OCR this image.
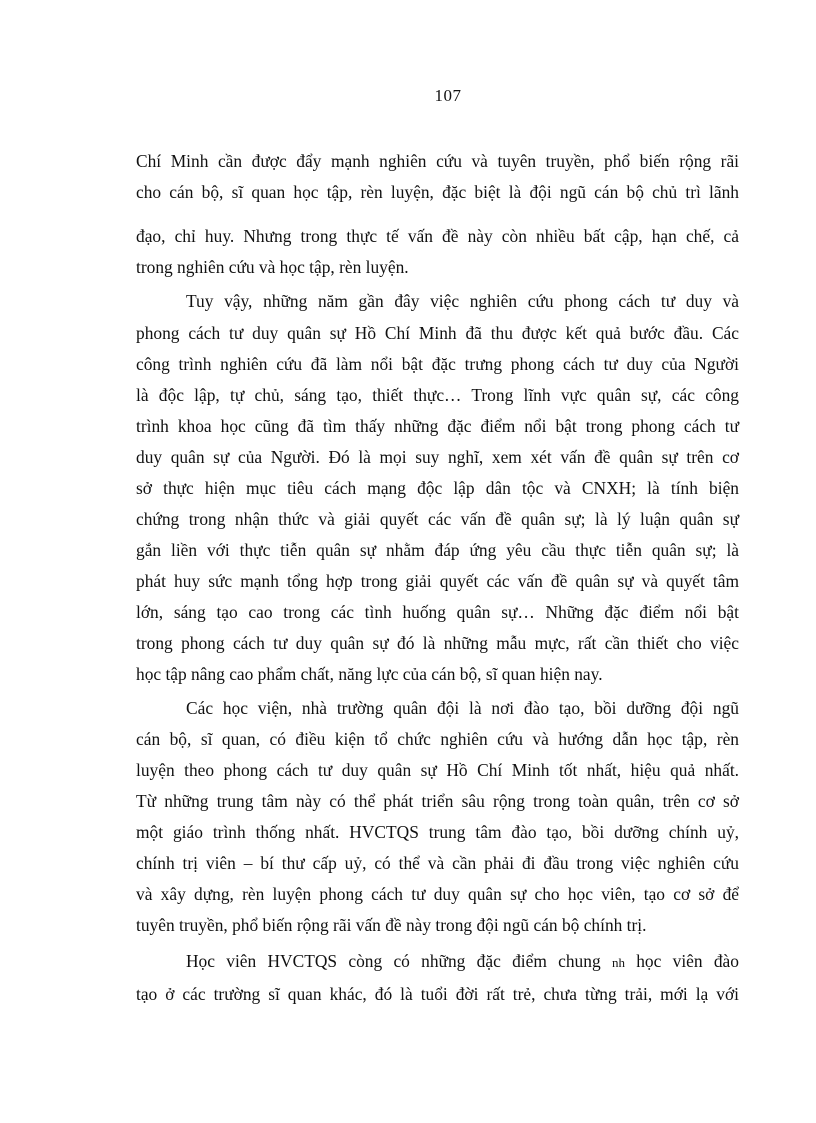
107
Chí Minh cần được đẩy mạnh nghiên cứu và tuyên truyền, phổ biến rộng rãi
cho cán bộ, sĩ quan học tập, rèn luyện, đặc biệt là đội ngũ cán bộ chủ trì lãnh
đạo, chỉ huy. Nhưng trong thực tế vấn đề này còn nhiều bất cập, hạn chế, cả
trong nghiên cứu và học tập, rèn luyện.
Tuy vậy, những năm gần đây việc nghiên cứu phong cách tư duy và
phong cách tư duy quân sự Hồ Chí Minh đã thu được kết quả bước đầu. Các
công trình nghiên cứu đã làm nổi bật đặc trưng phong cách tư duy của Người
là độc lập, tự chủ, sáng tạo, thiết thực… Trong lĩnh vực quân sự, các công
trình khoa học cũng đã tìm thấy những đặc điểm nổi bật trong phong cách tư
duy quân sự của Người. Đó là mọi suy nghĩ, xem xét vấn đề quân sự trên cơ
sở thực hiện mục tiêu cách mạng độc lập dân tộc và CNXH; là tính biện
chứng trong nhận thức và giải quyết các vấn đề quân sự; là lý luận quân sự
gắn liền với thực tiễn quân sự nhằm đáp ứng yêu cầu thực tiễn quân sự; là
phát huy sức mạnh tổng hợp trong giải quyết các vấn đề quân sự và quyết tâm
lớn, sáng tạo cao trong các tình huống quân sự… Những đặc điểm nổi bật
trong phong cách tư duy quân sự đó là những mẫu mực, rất cần thiết cho việc
học tập nâng cao phẩm chất, năng lực của cán bộ, sĩ quan hiện nay.
Các học viện, nhà trường quân đội là nơi đào tạo, bồi dưỡng đội ngũ
cán bộ, sĩ quan, có điều kiện tổ chức nghiên cứu và hướng dẫn học tập, rèn
luyện theo phong cách tư duy quân sự Hồ Chí Minh tốt nhất, hiệu quả nhất.
Từ những trung tâm này có thể phát triển sâu rộng trong toàn quân, trên cơ sở
một giáo trình thống nhất. HVCTQS trung tâm đào tạo, bồi dưỡng chính uỷ,
chính trị viên – bí thư cấp uỷ, có thể và cần phải đi đầu trong việc nghiên cứu
và xây dựng, rèn luyện phong cách tư duy quân sự cho học viên, tạo cơ sở để
tuyên truyền, phổ biến rộng rãi vấn đề này trong đội ngũ cán bộ chính trị.
Học viên HVCTQS còng có những đặc điểm chung nh học viên đào
tạo ở các trường sĩ quan khác, đó là tuổi đời rất trẻ, chưa từng trải, mới lạ với
